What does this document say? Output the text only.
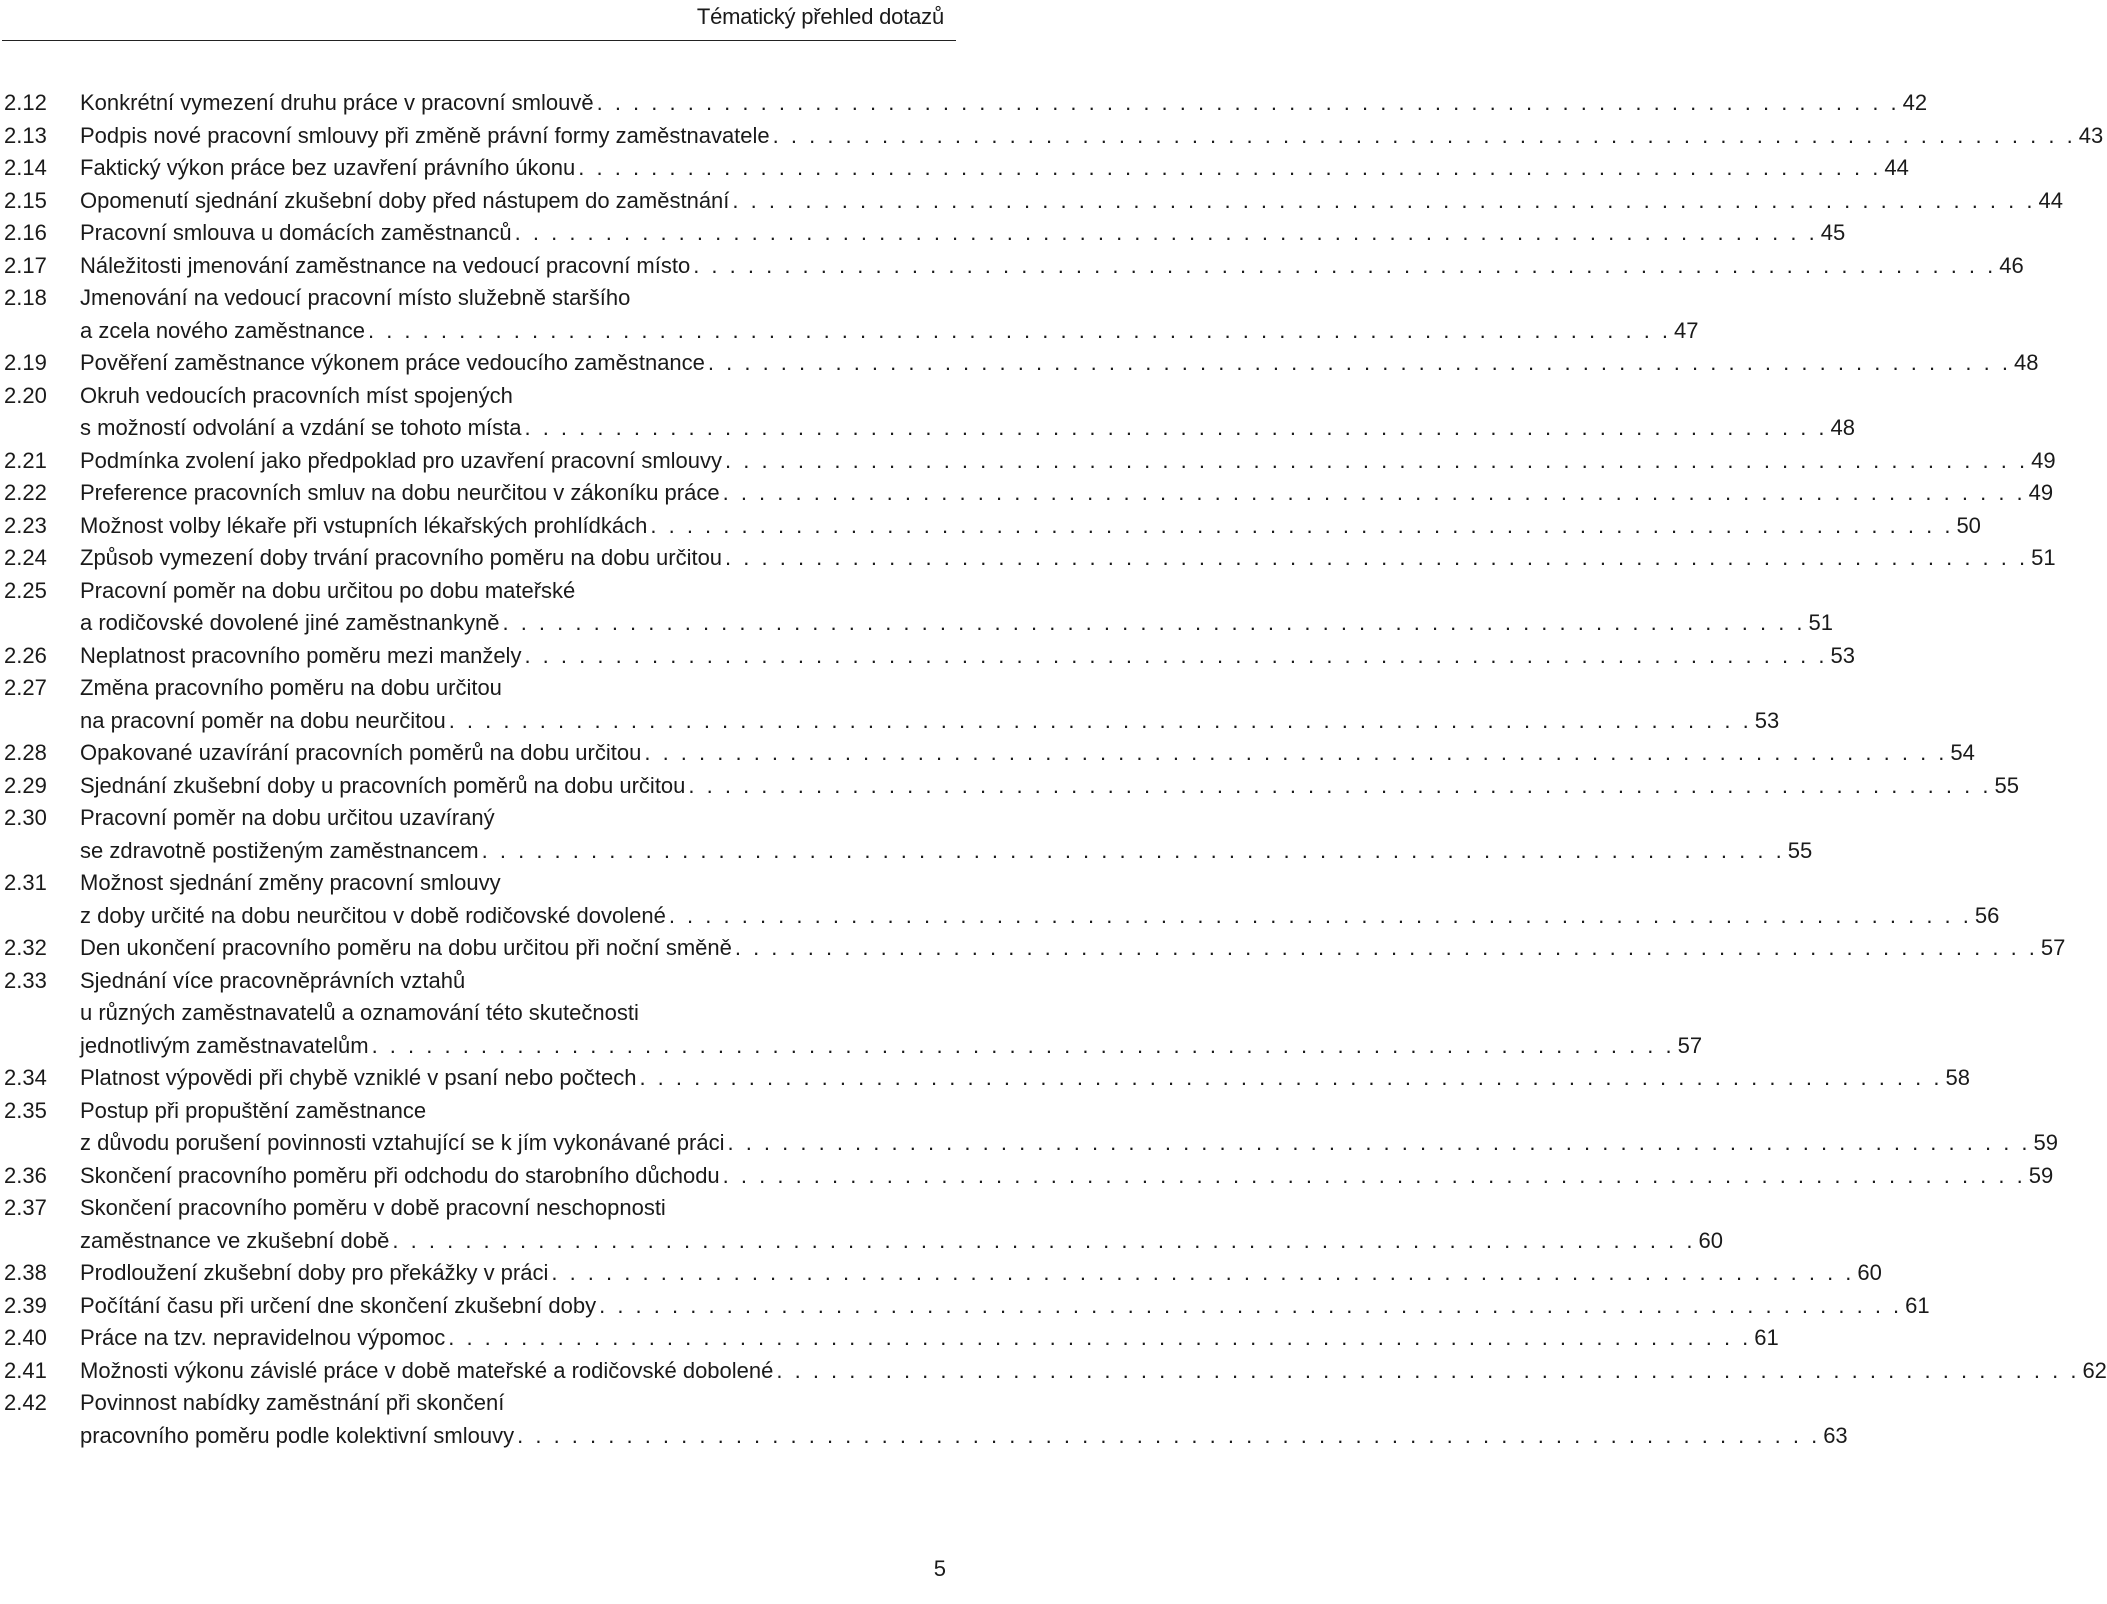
Tématický přehled dotazů
2.12	Konkrétní vymezení druhu práce v pracovní smlouvě . . . . . . . . . . . . . . . . . . . . . . . . . . . . . . . . . . . . . . . . . . . . . . . . . . . . . . . . . . . . . . . . . . . . . . . . 42
2.13	Podpis nové pracovní smlouvy při změně právní formy zaměstnavatele . . . . . . . . . . . . . . . . . . . . . . . . . . . . . . . . . . . . . . . . . . . . . . . . . . . . . . . . . . . . . . . . . . . . . . . . 43
2.14	Faktický výkon práce bez uzavření právního úkonu . . . . . . . . . . . . . . . . . . . . . . . . . . . . . . . . . . . . . . . . . . . . . . . . . . . . . . . . . . . . . . . . . . . . . . . . 44
2.15	Opomenutí sjednání zkušební doby před nástupem do zaměstnání . . . . . . . . . . . . . . . . . . . . . . . . . . . . . . . . . . . . . . . . . . . . . . . . . . . . . . . . . . . . . . . . . . . . . . . . 44
2.16	Pracovní smlouva u domácích zaměstnanců . . . . . . . . . . . . . . . . . . . . . . . . . . . . . . . . . . . . . . . . . . . . . . . . . . . . . . . . . . . . . . . . . . . . . . . . 45
2.17	Náležitosti jmenování zaměstnance na vedoucí pracovní místo . . . . . . . . . . . . . . . . . . . . . . . . . . . . . . . . . . . . . . . . . . . . . . . . . . . . . . . . . . . . . . . . . . . . . . . . 46
2.18	Jmenování na vedoucí pracovní místo služebně staršího
a zcela nového zaměstnance . . . . . . . . . . . . . . . . . . . . . . . . . . . . . . . . . . . . . . . . . . . . . . . . . . . . . . . . . . . . . . . . . . . . . . . . 47
2.19	Pověření zaměstnance výkonem práce vedoucího zaměstnance . . . . . . . . . . . . . . . . . . . . . . . . . . . . . . . . . . . . . . . . . . . . . . . . . . . . . . . . . . . . . . . . . . . . . . . . 48
2.20	Okruh vedoucích pracovních míst spojených
s možností odvolání a vzdání se tohoto místa . . . . . . . . . . . . . . . . . . . . . . . . . . . . . . . . . . . . . . . . . . . . . . . . . . . . . . . . . . . . . . . . . . . . . . . . 48
2.21	Podmínka zvolení jako předpoklad pro uzavření pracovní smlouvy . . . . . . . . . . . . . . . . . . . . . . . . . . . . . . . . . . . . . . . . . . . . . . . . . . . . . . . . . . . . . . . . . . . . . . . . 49
2.22	Preference pracovních smluv na dobu neurčitou v zákoníku práce . . . . . . . . . . . . . . . . . . . . . . . . . . . . . . . . . . . . . . . . . . . . . . . . . . . . . . . . . . . . . . . . . . . . . . . . 49
2.23	Možnost volby lékaře při vstupních lékařských prohlídkách . . . . . . . . . . . . . . . . . . . . . . . . . . . . . . . . . . . . . . . . . . . . . . . . . . . . . . . . . . . . . . . . . . . . . . . . 50
2.24	Způsob vymezení doby trvání pracovního poměru na dobu určitou . . . . . . . . . . . . . . . . . . . . . . . . . . . . . . . . . . . . . . . . . . . . . . . . . . . . . . . . . . . . . . . . . . . . . . . . 51
2.25	Pracovní poměr na dobu určitou po dobu mateřské
a rodičovské dovolené jiné zaměstnankyně . . . . . . . . . . . . . . . . . . . . . . . . . . . . . . . . . . . . . . . . . . . . . . . . . . . . . . . . . . . . . . . . . . . . . . . . 51
2.26	Neplatnost pracovního poměru mezi manžely . . . . . . . . . . . . . . . . . . . . . . . . . . . . . . . . . . . . . . . . . . . . . . . . . . . . . . . . . . . . . . . . . . . . . . . . 53
2.27	Změna pracovního poměru na dobu určitou
na pracovní poměr na dobu neurčitou . . . . . . . . . . . . . . . . . . . . . . . . . . . . . . . . . . . . . . . . . . . . . . . . . . . . . . . . . . . . . . . . . . . . . . . . 53
2.28	Opakované uzavírání pracovních poměrů na dobu určitou . . . . . . . . . . . . . . . . . . . . . . . . . . . . . . . . . . . . . . . . . . . . . . . . . . . . . . . . . . . . . . . . . . . . . . . . 54
2.29	Sjednání zkušební doby u pracovních poměrů na dobu určitou . . . . . . . . . . . . . . . . . . . . . . . . . . . . . . . . . . . . . . . . . . . . . . . . . . . . . . . . . . . . . . . . . . . . . . . . 55
2.30	Pracovní poměr na dobu určitou uzavíraný
se zdravotně postiženým zaměstnancem . . . . . . . . . . . . . . . . . . . . . . . . . . . . . . . . . . . . . . . . . . . . . . . . . . . . . . . . . . . . . . . . . . . . . . . . 55
2.31	Možnost sjednání změny pracovní smlouvy
z doby určité na dobu neurčitou v době rodičovské dovolené . . . . . . . . . . . . . . . . . . . . . . . . . . . . . . . . . . . . . . . . . . . . . . . . . . . . . . . . . . . . . . . . . . . . . . . . 56
2.32	Den ukončení pracovního poměru na dobu určitou při noční směně . . . . . . . . . . . . . . . . . . . . . . . . . . . . . . . . . . . . . . . . . . . . . . . . . . . . . . . . . . . . . . . . . . . . . . . . 57
2.33	Sjednání více pracovněprávních vztahů
u různých zaměstnavatelů a oznamování této skutečnosti
jednotlivým zaměstnavatelům . . . . . . . . . . . . . . . . . . . . . . . . . . . . . . . . . . . . . . . . . . . . . . . . . . . . . . . . . . . . . . . . . . . . . . . . 57
2.34	Platnost výpovědi při chybě vzniklé v psaní nebo počtech . . . . . . . . . . . . . . . . . . . . . . . . . . . . . . . . . . . . . . . . . . . . . . . . . . . . . . . . . . . . . . . . . . . . . . . . 58
2.35	Postup při propuštění zaměstnance
z důvodu porušení povinnosti vztahující se k jím vykonávané práci . . . . . . . . . . . . . . . . . . . . . . . . . . . . . . . . . . . . . . . . . . . . . . . . . . . . . . . . . . . . . . . . . . . . . . . . 59
2.36	Skončení pracovního poměru při odchodu do starobního důchodu . . . . . . . . . . . . . . . . . . . . . . . . . . . . . . . . . . . . . . . . . . . . . . . . . . . . . . . . . . . . . . . . . . . . . . . . 59
2.37	Skončení pracovního poměru v době pracovní neschopnosti
zaměstnance ve zkušební době . . . . . . . . . . . . . . . . . . . . . . . . . . . . . . . . . . . . . . . . . . . . . . . . . . . . . . . . . . . . . . . . . . . . . . . . 60
2.38	Prodloužení zkušební doby pro překážky v práci . . . . . . . . . . . . . . . . . . . . . . . . . . . . . . . . . . . . . . . . . . . . . . . . . . . . . . . . . . . . . . . . . . . . . . . . 60
2.39	Počítání času při určení dne skončení zkušební doby . . . . . . . . . . . . . . . . . . . . . . . . . . . . . . . . . . . . . . . . . . . . . . . . . . . . . . . . . . . . . . . . . . . . . . . . 61
2.40	Práce na tzv. nepravidelnou výpomoc . . . . . . . . . . . . . . . . . . . . . . . . . . . . . . . . . . . . . . . . . . . . . . . . . . . . . . . . . . . . . . . . . . . . . . . . 61
2.41	Možnosti výkonu závislé práce v době mateřské a rodičovské dobolené . . . . . . . . . . . . . . . . . . . . . . . . . . . . . . . . . . . . . . . . . . . . . . . . . . . . . . . . . . . . . . . . . . . . . . . . 62
2.42	Povinnost nabídky zaměstnání při skončení
pracovního poměru podle kolektivní smlouvy . . . . . . . . . . . . . . . . . . . . . . . . . . . . . . . . . . . . . . . . . . . . . . . . . . . . . . . . . . . . . . . . . . . . . . . . 63
5
